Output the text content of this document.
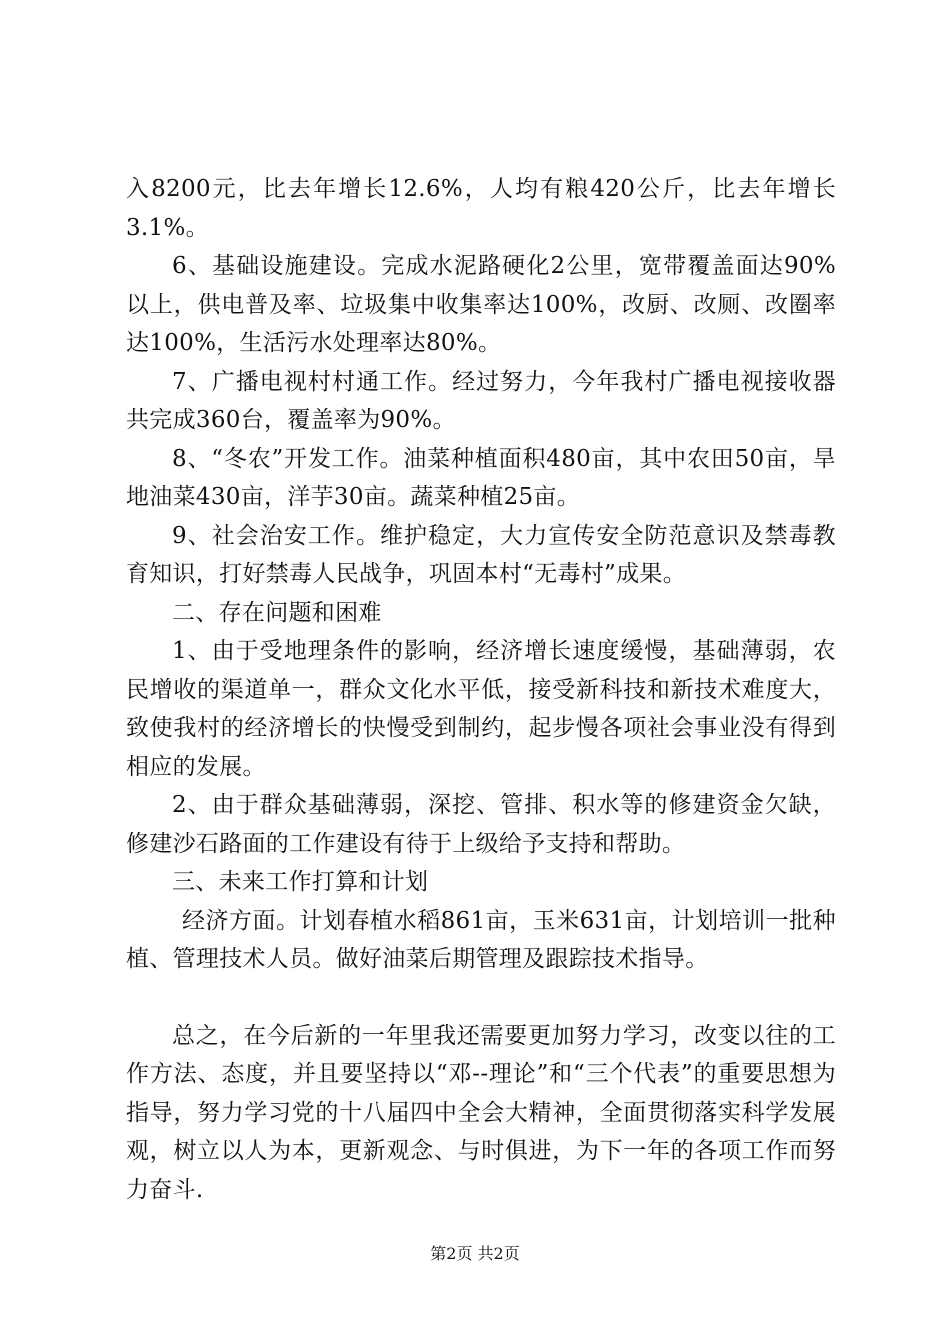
入8200元，比去年增长12.6%，人均有粮420公斤，比去年增长3.1%。

6、基础设施建设。完成水泥路硬化2公里，宽带覆盖面达90%以上，供电普及率、垃圾集中收集率达100%，改厨、改厕、改圈率达100%，生活污水处理率达80%。

7、广播电视村村通工作。经过努力，今年我村广播电视接收器共完成360台，覆盖率为90%。

8、“冬农”开发工作。油菜种植面积480亩，其中农田50亩，旱地油菜430亩，洋芋30亩。蔬菜种植25亩。

9、社会治安工作。维护稳定，大力宣传安全防范意识及禁毒教育知识，打好禁毒人民战争，巩固本村“无毒村”成果。

二、存在问题和困难

1、由于受地理条件的影响，经济增长速度缓慢，基础薄弱，农民增收的渠道单一，群众文化水平低，接受新科技和新技术难度大，致使我村的经济增长的快慢受到制约，起步慢各项社会事业没有得到相应的发展。

2、由于群众基础薄弱，深挖、管排、积水等的修建资金欠缺，修建沙石路面的工作建设有待于上级给予支持和帮助。

三、未来工作打算和计划

经济方面。计划春植水稻861亩，玉米631亩，计划培训一批种植、管理技术人员。做好油菜后期管理及跟踪技术指导。

总之，在今后新的一年里我还需要更加努力学习，改变以往的工作方法、态度，并且要坚持以“邓--理论”和“三个代表”的重要思想为指导，努力学习党的十八届四中全会大精神，全面贯彻落实科学发展观，树立以人为本，更新观念、与时俱进，为下一年的各项工作而努力奋斗.

第2页 共2页
